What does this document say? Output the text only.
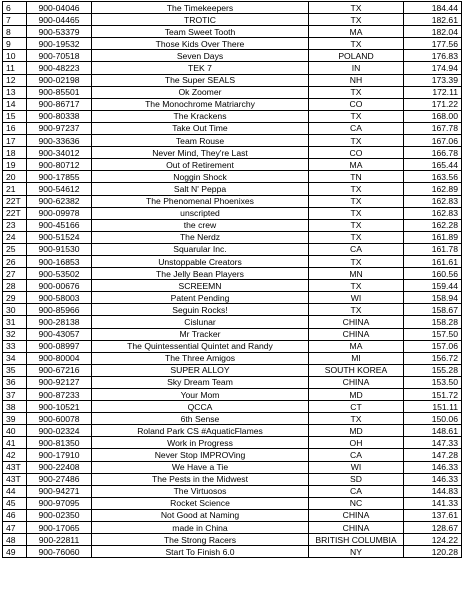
6	900-04046	The Timekeepers	TX	184.44
7	900-04465	TROTIC	TX	182.61
8	900-53379	Team Sweet Tooth	MA	182.04
9	900-19532	Those Kids Over There	TX	177.56
10	900-70518	Seven Days	POLAND	176.83
11	900-48223	TEK 7	IN	174.94
12	900-02198	The Super SEALS	NH	173.39
13	900-85501	Ok Zoomer	TX	172.11
14	900-86717	The Monochrome Matriarchy	CO	171.22
15	900-80338	The Krackens	TX	168.00
16	900-97237	Take Out Time	CA	167.78
17	900-33636	Team Rouse	TX	167.06
18	900-34012	Never Mind, They're Last	CO	166.78
19	900-80712	Out of Retirement	MA	165.44
20	900-17855	Noggin Shock	TN	163.56
21	900-54612	Salt N' Peppa	TX	162.89
22T	900-62382	The Phenomenal Phoenixes	TX	162.83
22T	900-09978	unscripted	TX	162.83
23	900-45166	the crew	TX	162.28
24	900-51524	The Nerdz	TX	161.89
25	900-91530	Squarular Inc.	CA	161.78
26	900-16853	Unstoppable Creators	TX	161.61
27	900-53502	The Jelly Bean Players	MN	160.56
28	900-00676	SCREEMN	TX	159.44
29	900-58003	Patent Pending	WI	158.94
30	900-85966	Seguin Rocks!	TX	158.67
31	900-28138	Cislunar	CHINA	158.28
32	900-43057	Mr Tracker	CHINA	157.50
33	900-08997	The Quintessential Quintet and Randy	MA	157.06
34	900-80004	The Three Amigos	MI	156.72
35	900-67216	SUPER ALLOY	SOUTH KOREA	155.28
36	900-92127	Sky Dream Team	CHINA	153.50
37	900-87233	Your Mom	MD	151.72
38	900-10521	QCCA	CT	151.11
39	900-60078	6th Sense	TX	150.06
40	900-02324	Roland Park CS #AquaticFlames	MD	148.61
41	900-81350	Work in Progress	OH	147.33
42	900-17910	Never Stop IMPROVing	CA	147.28
43T	900-22408	We Have a Tie	WI	146.33
43T	900-27486	The Pests in the Midwest	SD	146.33
44	900-94271	The Virtuosos	CA	144.83
45	900-97095	Rocket Science	NC	141.33
46	900-02350	Not Good at Naming	CHINA	137.61
47	900-17065	made in China	CHINA	128.67
48	900-22811	The Strong Racers	BRITISH COLUMBIA	124.22
49	900-76060	Start To Finish 6.0	NY	120.28
